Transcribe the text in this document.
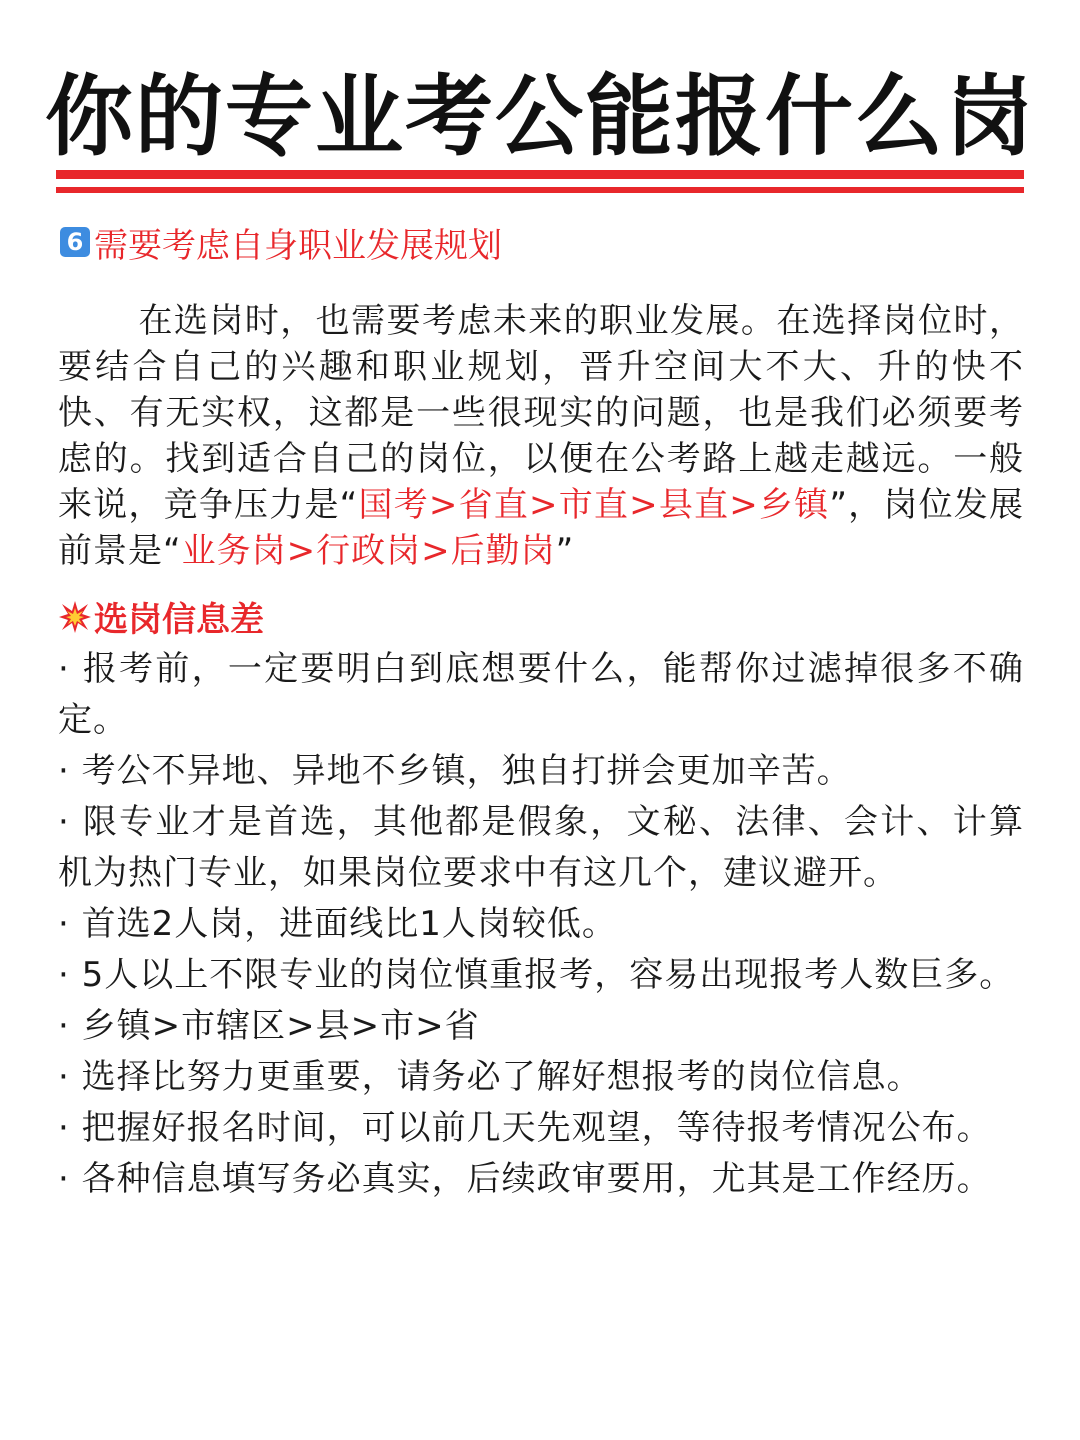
你的专业考公能报什么岗
6 需要考虑自身职业发展规划
在选岗时，也需要考虑未来的职业发展。在选择岗位时，要结合自己的兴趣和职业规划，晋升空间大不大、升的快不快、有无实权，这都是一些很现实的问题，也是我们必须要考虑的。找到适合自己的岗位，以便在公考路上越走越远。一般来说，竞争压力是“国考>省直>市直>县直>乡镇”，岗位发展前景是“业务岗>行政岗>后勤岗”
选岗信息差
· 报考前，一定要明白到底想要什么，能帮你过滤掉很多不确定。
· 考公不异地、异地不乡镇，独自打拼会更加辛苦。
· 限专业才是首选，其他都是假象，文秘、法律、会计、计算机为热门专业，如果岗位要求中有这几个，建议避开。
· 首选2人岗，进面线比1人岗较低。
· 5人以上不限专业的岗位慎重报考，容易出现报考人数巨多。
· 乡镇>市辖区>县>市>省
· 选择比努力更重要，请务必了解好想报考的岗位信息。
· 把握好报名时间，可以前几天先观望，等待报考情况公布。
· 各种信息填写务必真实，后续政审要用，尤其是工作经历。
